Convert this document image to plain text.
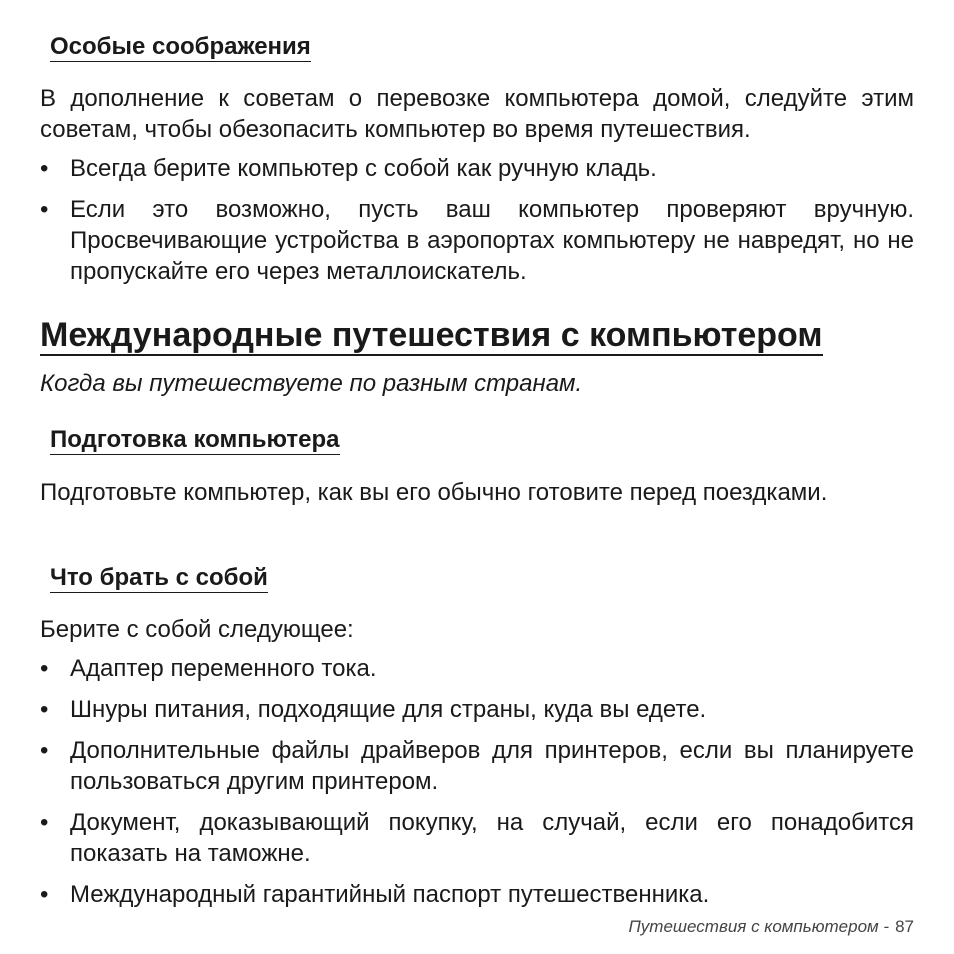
Особые соображения

В дополнение к советам о перевозке компьютера домой, следуйте этим советам, чтобы обезопасить компьютер во время путешествия.

• Всегда берите компьютер с собой как ручную кладь.
• Если это возможно, пусть ваш компьютер проверяют вручную. Просвечивающие устройства в аэропортах компьютеру не навредят, но не пропускайте его через металлоискатель.
Международные путешествия с компьютером

Когда вы путешествуете по разным странам.

Подготовка компьютера

Подготовьте компьютер, как вы его обычно готовите перед поездками.

Что брать с собой

Берите с собой следующее:

• Адаптер переменного тока.
• Шнуры питания, подходящие для страны, куда вы едете.
• Дополнительные файлы драйверов для принтеров, если вы планируете пользоваться другим принтером.
• Документ, доказывающий покупку, на случай, если его понадобится показать на таможне.
• Международный гарантийный паспорт путешественника.
Путешествия с компьютером - 87
